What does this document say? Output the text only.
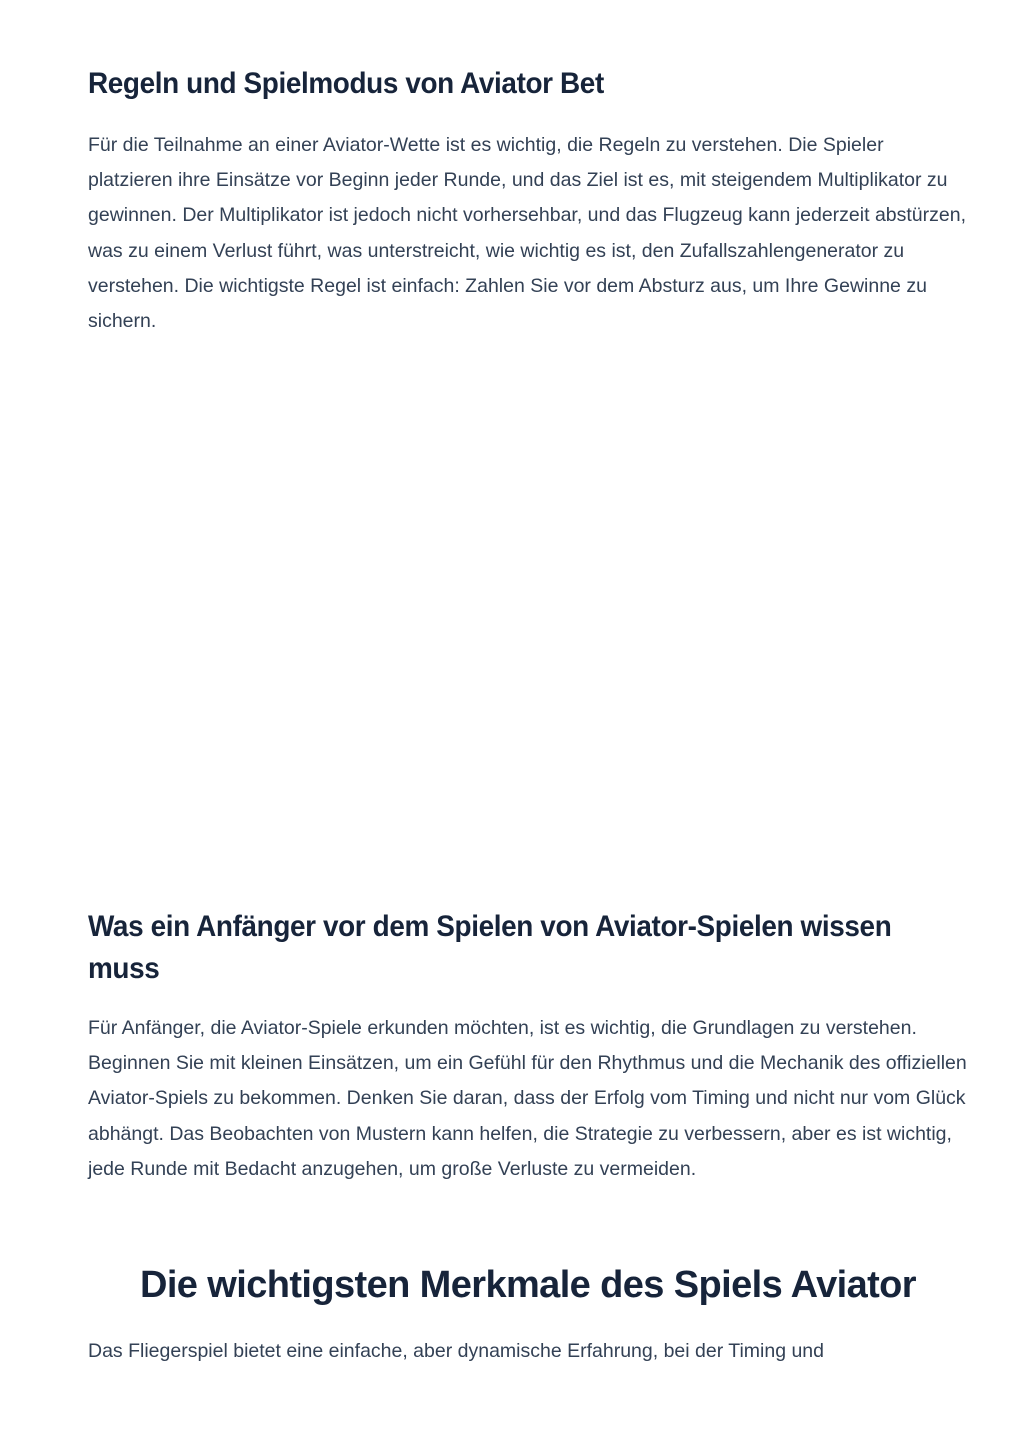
Regeln und Spielmodus von Aviator Bet

Für die Teilnahme an einer Aviator-Wette ist es wichtig, die Regeln zu verstehen. Die Spieler platzieren ihre Einsätze vor Beginn jeder Runde, und das Ziel ist es, mit steigendem Multiplikator zu gewinnen. Der Multiplikator ist jedoch nicht vorhersehbar, und das Flugzeug kann jederzeit abstürzen, was zu einem Verlust führt, was unterstreicht, wie wichtig es ist, den Zufallszahlengenerator zu verstehen. Die wichtigste Regel ist einfach: Zahlen Sie vor dem Absturz aus, um Ihre Gewinne zu sichern.

Was ein Anfänger vor dem Spielen von Aviator-Spielen wissen muss

Für Anfänger, die Aviator-Spiele erkunden möchten, ist es wichtig, die Grundlagen zu verstehen. Beginnen Sie mit kleinen Einsätzen, um ein Gefühl für den Rhythmus und die Mechanik des offiziellen Aviator-Spiels zu bekommen. Denken Sie daran, dass der Erfolg vom Timing und nicht nur vom Glück abhängt. Das Beobachten von Mustern kann helfen, die Strategie zu verbessern, aber es ist wichtig, jede Runde mit Bedacht anzugehen, um große Verluste zu vermeiden.

Die wichtigsten Merkmale des Spiels Aviator

Das Fliegerspiel bietet eine einfache, aber dynamische Erfahrung, bei der Timing und
